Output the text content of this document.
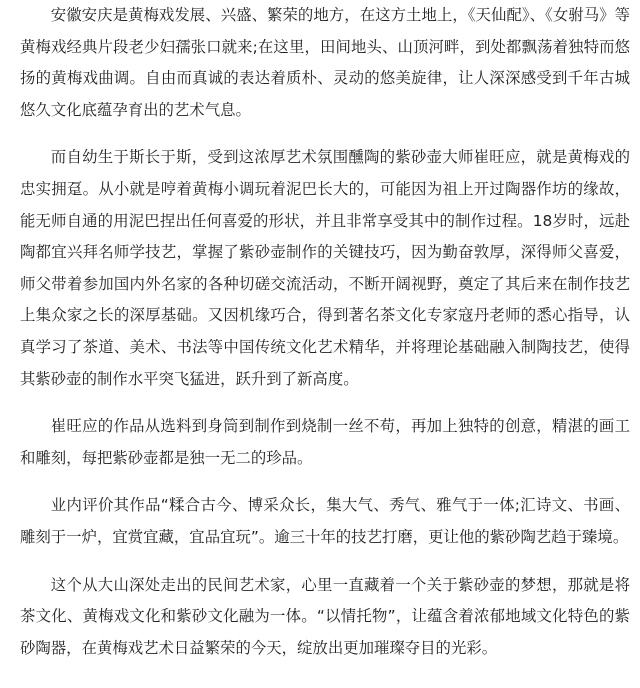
安徽安庆是黄梅戏发展、兴盛、繁荣的地方，在这方土地上，《天仙配》、《女驸马》等黄梅戏经典片段老少妇孺张口就来;在这里，田间地头、山顶河畔，到处都飘荡着独特而悠扬的黄梅戏曲调。自由而真诚的表达着质朴、灵动的悠美旋律，让人深深感受到千年古城悠久文化底蕴孕育出的艺术气息。

而自幼生于斯长于斯，受到这浓厚艺术氛围醺陶的紫砂壶大师崔旺应，就是黄梅戏的忠实拥趸。从小就是哼着黄梅小调玩着泥巴长大的，可能因为祖上开过陶器作坊的缘故，能无师自通的用泥巴捏出任何喜爱的形状，并且非常享受其中的制作过程。18岁时，远赴陶都宜兴拜名师学技艺，掌握了紫砂壶制作的关键技巧，因为勤奋敦厚，深得师父喜爱，师父带着参加国内外名家的各种切磋交流活动，不断开阔视野，奠定了其后来在制作技艺上集众家之长的深厚基础。又因机缘巧合，得到著名茶文化专家寇丹老师的悉心指导，认真学习了茶道、美术、书法等中国传统文化艺术精华，并将理论基础融入制陶技艺，使得其紫砂壶的制作水平突飞猛进，跃升到了新高度。

崔旺应的作品从选料到身筒到制作到烧制一丝不苟，再加上独特的创意，精湛的画工和雕刻，每把紫砂壶都是独一无二的珍品。

业内评价其作品“糅合古今、博采众长，集大气、秀气、雅气于一体;汇诗文、书画、雕刻于一炉，宜赏宜藏，宜品宜玩”。逾三十年的技艺打磨，更让他的紫砂陶艺趋于臻境。

这个从大山深处走出的民间艺术家，心里一直藏着一个关于紫砂壶的梦想，那就是将茶文化、黄梅戏文化和紫砂文化融为一体。“以情托物”，让蕴含着浓郁地域文化特色的紫砂陶器，在黄梅戏艺术日益繁荣的今天，绽放出更加璀璨夺目的光彩。
